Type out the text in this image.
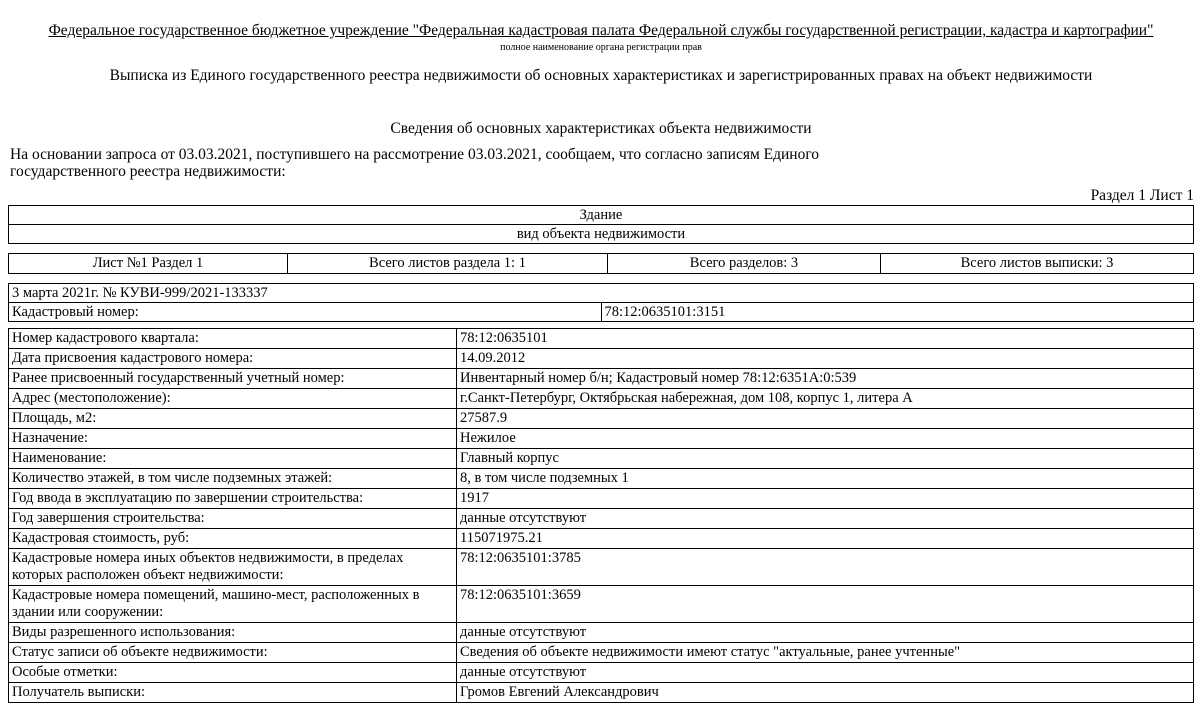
Федеральное государственное бюджетное учреждение "Федеральная кадастровая палата Федеральной службы государственной регистрации, кадастра и картографии"
полное наименование органа регистрации прав
Выписка из Единого государственного реестра недвижимости об основных характеристиках и зарегистрированных правах на объект недвижимости
Сведения об основных характеристиках объекта недвижимости
На основании запроса от 03.03.2021, поступившего на рассмотрение 03.03.2021, сообщаем, что согласно записям Единого государственного реестра недвижимости:
Раздел 1 Лист 1
Здание
вид объекта недвижимости
Лист №1 Раздел 1	Всего листов раздела 1: 1	Всего разделов: 3	Всего листов выписки: 3
3 марта 2021г. № КУВИ-999/2021-133337
Кадастровый номер:	78:12:0635101:3151
Номер кадастрового квартала:	78:12:0635101
Дата присвоения кадастрового номера:	14.09.2012
Ранее присвоенный государственный учетный номер:	Инвентарный номер б/н; Кадастровый номер 78:12:6351А:0:539
Адрес (местоположение):	г.Санкт-Петербург, Октябрьская набережная, дом 108, корпус 1, литера А
Площадь, м2:	27587.9
Назначение:	Нежилое
Наименование:	Главный корпус
Количество этажей, в том числе подземных этажей:	8, в том числе подземных 1
Год ввода в эксплуатацию по завершении строительства:	1917
Год завершения строительства:	данные отсутствуют
Кадастровая стоимость, руб:	115071975.21
Кадастровые номера иных объектов недвижимости, в пределах которых расположен объект недвижимости:	78:12:0635101:3785
Кадастровые номера помещений, машино-мест, расположенных в здании или сооружении:	78:12:0635101:3659
Виды разрешенного использования:	данные отсутствуют
Статус записи об объекте недвижимости:	Сведения об объекте недвижимости имеют статус "актуальные, ранее учтенные"
Особые отметки:	данные отсутствуют
Получатель выписки:	Громов Евгений Александрович
